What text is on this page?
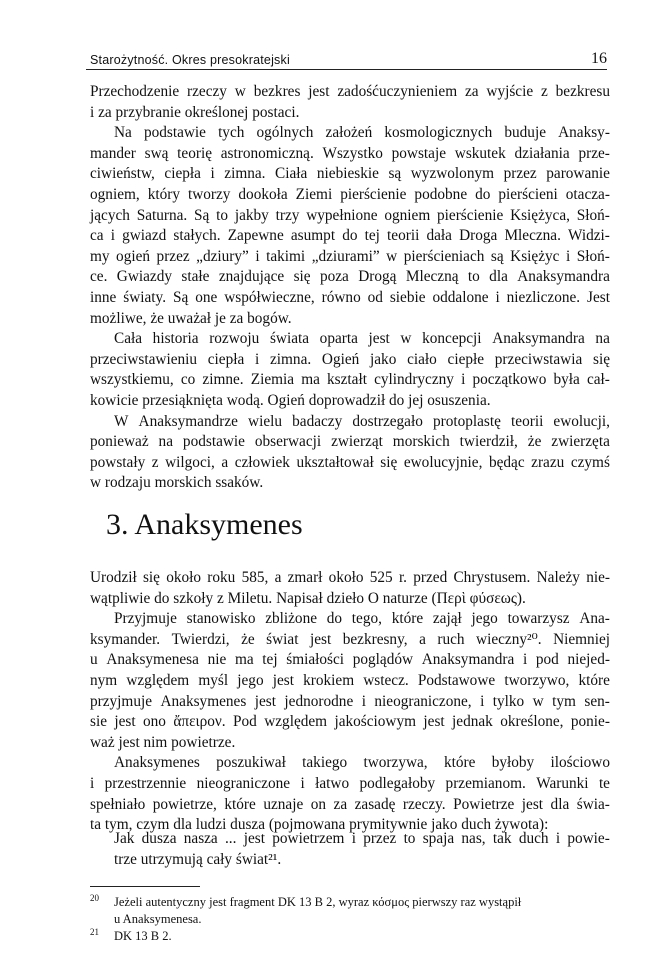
Starożytność. Okres presokratejski	16
Przechodzenie rzeczy w bezkres jest zadośćuczynieniem za wyjście z bezkresu
i za przybranie określonej postaci.
Na podstawie tych ogólnych założeń kosmologicznych buduje Anaksy-
mander swą teorię astronomiczną. Wszystko powstaje wskutek działania prze-
ciwieństw, ciepła i zimna. Ciała niebieskie są wyzwolonym przez parowanie
ogniem, który tworzy dookoła Ziemi pierścienie podobne do pierścieni otacza-
jących Saturna. Są to jakby trzy wypełnione ogniem pierścienie Księżyca, Słoń-
ca i gwiazd stałych. Zapewne asumpt do tej teorii dała Droga Mleczna. Widzi-
my ogień przez „dziury” i takimi „dziurami” w pierścieniach są Księżyc i Słoń-
ce. Gwiazdy stałe znajdujące się poza Drogą Mleczną to dla Anaksymandra
inne światy. Są one współwieczne, równo od siebie oddalone i niezliczone. Jest
możliwe, że uważał je za bogów.
Cała historia rozwoju świata oparta jest w koncepcji Anaksymandra na
przeciwstawieniu ciepła i zimna. Ogień jako ciało ciepłe przeciwstawia się
wszystkiemu, co zimne. Ziemia ma kształt cylindryczny i początkowo była cał-
kowicie przesiąknięta wodą. Ogień doprowadził do jej osuszenia.
W Anaksymandrze wielu badaczy dostrzegało protoplastę teorii ewolucji,
ponieważ na podstawie obserwacji zwierząt morskich twierdził, że zwierzęta
powstały z wilgoci, a człowiek ukształtował się ewolucyjnie, będąc zrazu czymś
w rodzaju morskich ssaków.
3. Anaksymenes
Urodził się około roku 585, a zmarł około 525 r. przed Chrystusem. Należy nie-
wątpliwie do szkoły z Miletu. Napisał dzieło O naturze (Περὶ φύσεως).
Przyjmuje stanowisko zbliżone do tego, które zajął jego towarzysz Ana-
ksymander. Twierdzi, że świat jest bezkresny, a ruch wieczny²⁰. Niemniej
u Anaksymenesa nie ma tej śmiałości poglądów Anaksymandra i pod niejed-
nym względem myśl jego jest krokiem wstecz. Podstawowe tworzywo, które
przyjmuje Anaksymenes jest jednorodne i nieograniczone, i tylko w tym sen-
sie jest ono ἄπειρον. Pod względem jakościowym jest jednak określone, ponie-
waż jest nim powietrze.
Anaksymenes poszukiwał takiego tworzywa, które byłoby ilościowo
i przestrzennie nieograniczone i łatwo podlegałoby przemianom. Warunki te
spełniało powietrze, które uznaje on za zasadę rzeczy. Powietrze jest dla świa-
ta tym, czym dla ludzi dusza (pojmowana prymitywnie jako duch żywota):
Jak dusza nasza ... jest powietrzem i przez to spaja nas, tak duch i powie-
trze utrzymują cały świat²¹.
$^{20}$	Jeżeli autentyczny jest fragment DK 13 B 2, wyraz κόσμος pierwszy raz wystąpił
u Anaksymenesa.
$^{21}$	DK 13 B 2.
